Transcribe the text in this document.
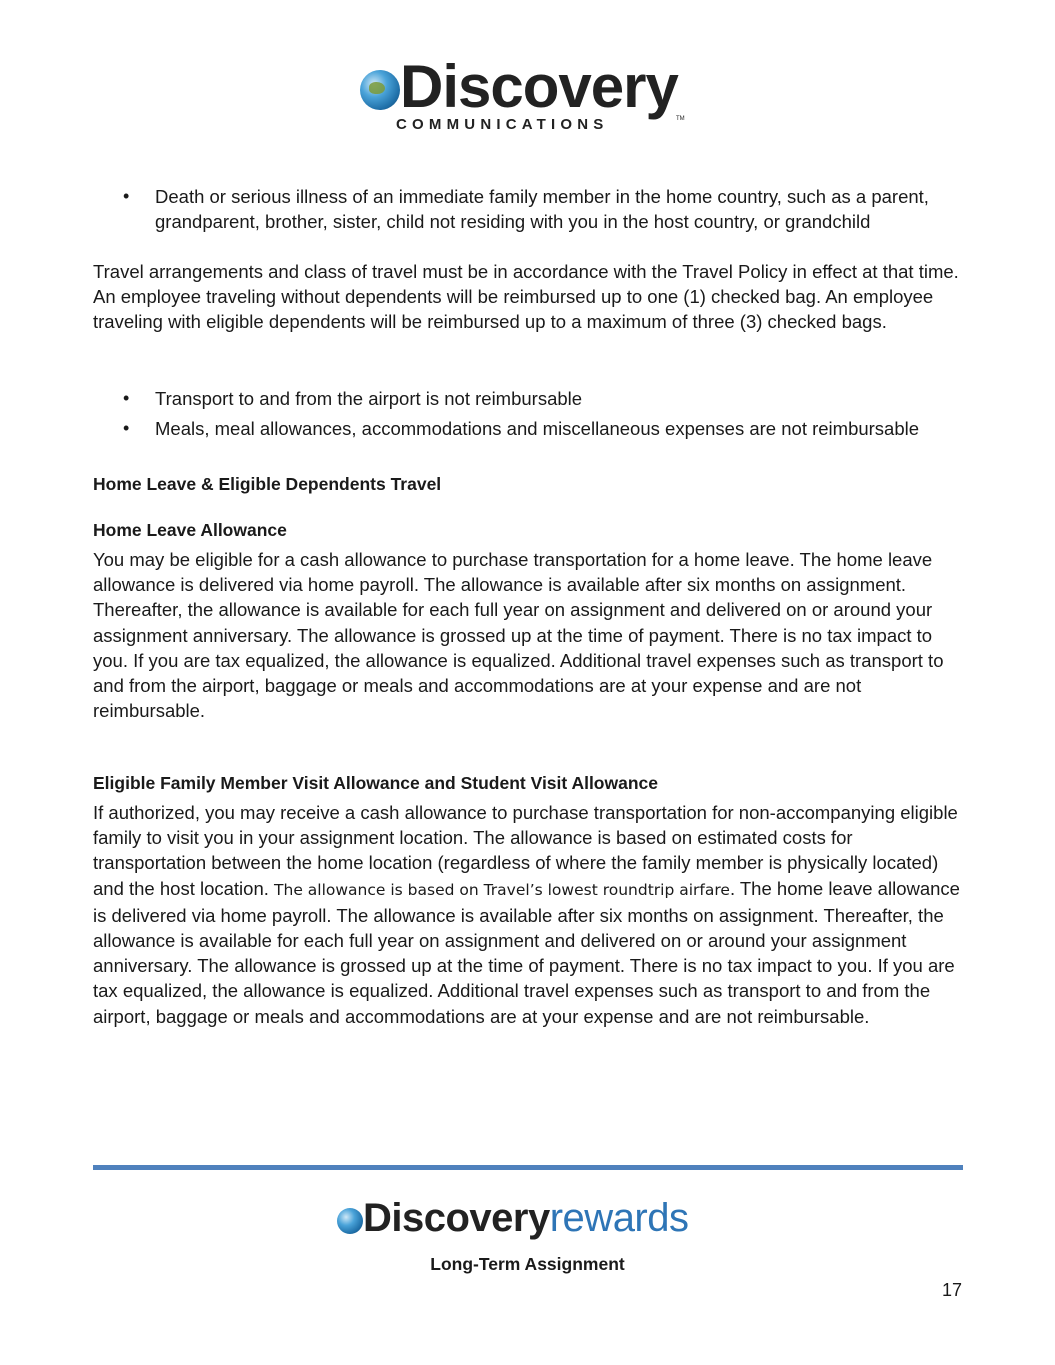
Discovery
COMMUNICATIONS	TM
• Death or serious illness of an immediate family member in the home country, such as a parent, grandparent, brother, sister, child not residing with you in the host country, or grandchild

Travel arrangements and class of travel must be in accordance with the Travel Policy in effect at that time. An employee traveling without dependents will be reimbursed up to one (1) checked bag. An employee traveling with eligible dependents will be reimbursed up to a maximum of three (3) checked bags.

• Transport to and from the airport is not reimbursable
• Meals, meal allowances, accommodations and miscellaneous expenses are not reimbursable
Home Leave & Eligible Dependents Travel
Home Leave Allowance

You may be eligible for a cash allowance to purchase transportation for a home leave. The home leave allowance is delivered via home payroll. The allowance is available after six months on assignment. Thereafter, the allowance is available for each full year on assignment and delivered on or around your assignment anniversary. The allowance is grossed up at the time of payment. There is no tax impact to you. If you are tax equalized, the allowance is equalized. Additional travel expenses such as transport to and from the airport, baggage or meals and accommodations are at your expense and are not reimbursable.

Eligible Family Member Visit Allowance and Student Visit Allowance

If authorized, you may receive a cash allowance to purchase transportation for non-accompanying eligible family to visit you in your assignment location. The allowance is based on estimated costs for transportation between the home location (regardless of where the family member is physically located) and the host location. The allowance is based on Travel’s lowest roundtrip airfare. The home leave allowance is delivered via home payroll. The allowance is available after six months on assignment. Thereafter, the allowance is available for each full year on assignment and delivered on or around your assignment anniversary. The allowance is grossed up at the time of payment. There is no tax impact to you. If you are tax equalized, the allowance is equalized. Additional travel expenses such as transport to and from the airport, baggage or meals and accommodations are at your expense and are not reimbursable.

Discoveryrewards
Long-Term Assignment
17
